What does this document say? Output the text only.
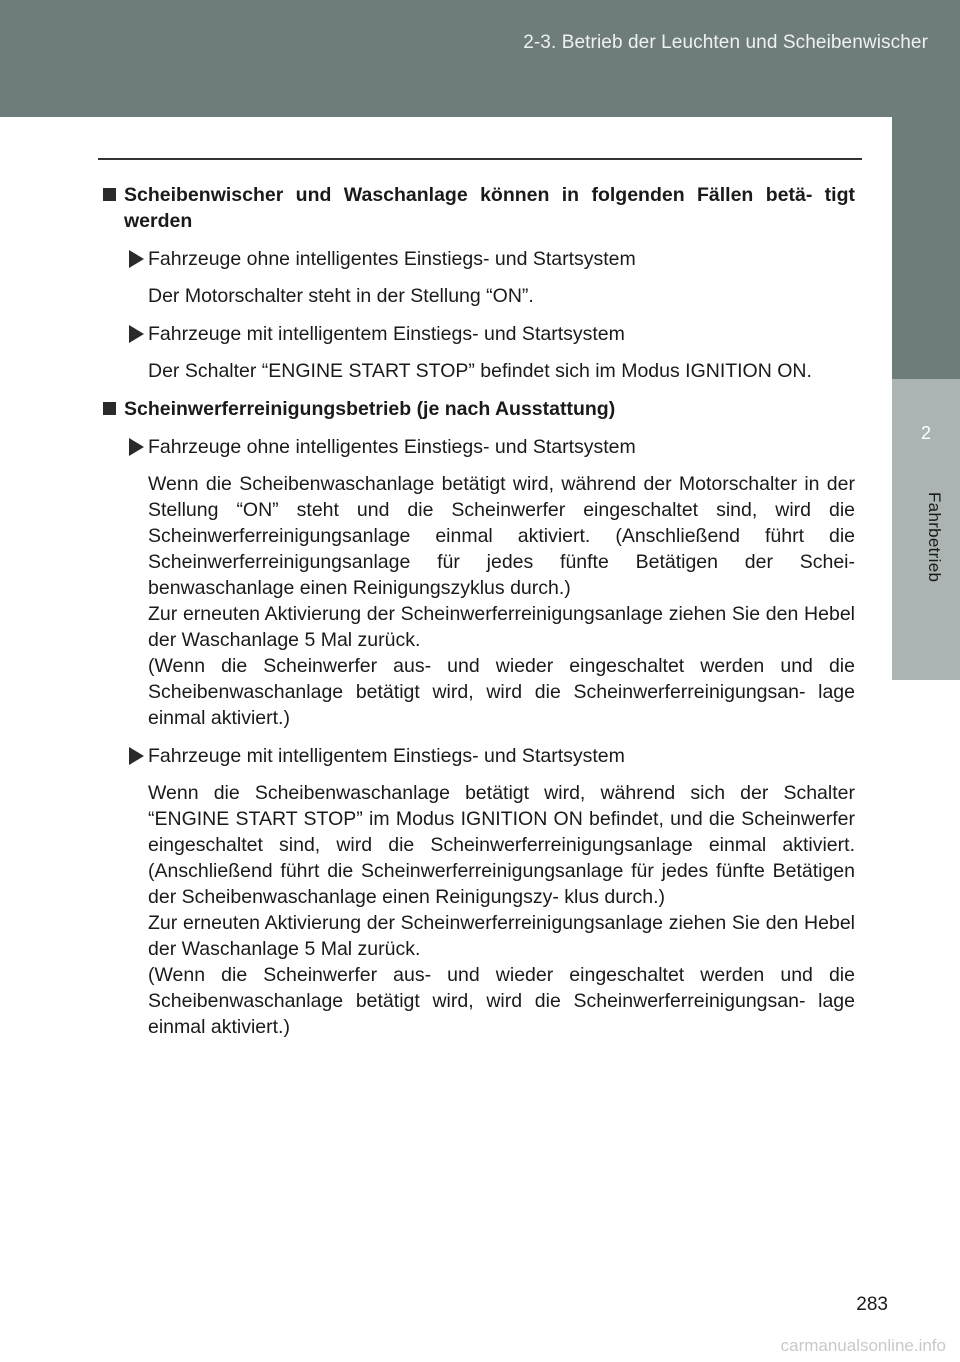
2-3. Betrieb der Leuchten und Scheibenwischer
2
Fahrbetrieb
Scheibenwischer und Waschanlage können in folgenden Fällen betä- tigt werden
Fahrzeuge ohne intelligentes Einstiegs- und Startsystem
Der Motorschalter steht in der Stellung “ON”.
Fahrzeuge mit intelligentem Einstiegs- und Startsystem
Der Schalter “ENGINE START STOP” befindet sich im Modus IGNITION ON.
Scheinwerferreinigungsbetrieb (je nach Ausstattung)
Fahrzeuge ohne intelligentes Einstiegs- und Startsystem
Wenn die Scheibenwaschanlage betätigt wird, während der Motorschalter in der Stellung “ON” steht und die Scheinwerfer eingeschaltet sind, wird die Scheinwerferreinigungsanlage einmal aktiviert. (Anschließend führt die Scheinwerferreinigungsanlage für jedes fünfte Betätigen der Schei- benwaschanlage einen Reinigungszyklus durch.)
Zur erneuten Aktivierung der Scheinwerferreinigungsanlage ziehen Sie den Hebel der Waschanlage 5 Mal zurück.
(Wenn die Scheinwerfer aus- und wieder eingeschaltet werden und die Scheibenwaschanlage betätigt wird, wird die Scheinwerferreinigungsan- lage einmal aktiviert.)
Fahrzeuge mit intelligentem Einstiegs- und Startsystem
Wenn die Scheibenwaschanlage betätigt wird, während sich der Schalter “ENGINE START STOP” im Modus IGNITION ON befindet, und die Scheinwerfer eingeschaltet sind, wird die Scheinwerferreinigungsanlage einmal aktiviert. (Anschließend führt die Scheinwerferreinigungsanlage für jedes fünfte Betätigen der Scheibenwaschanlage einen Reinigungszy- klus durch.)
Zur erneuten Aktivierung der Scheinwerferreinigungsanlage ziehen Sie den Hebel der Waschanlage 5 Mal zurück.
(Wenn die Scheinwerfer aus- und wieder eingeschaltet werden und die Scheibenwaschanlage betätigt wird, wird die Scheinwerferreinigungsan- lage einmal aktiviert.)
283
carmanualsonline.info
